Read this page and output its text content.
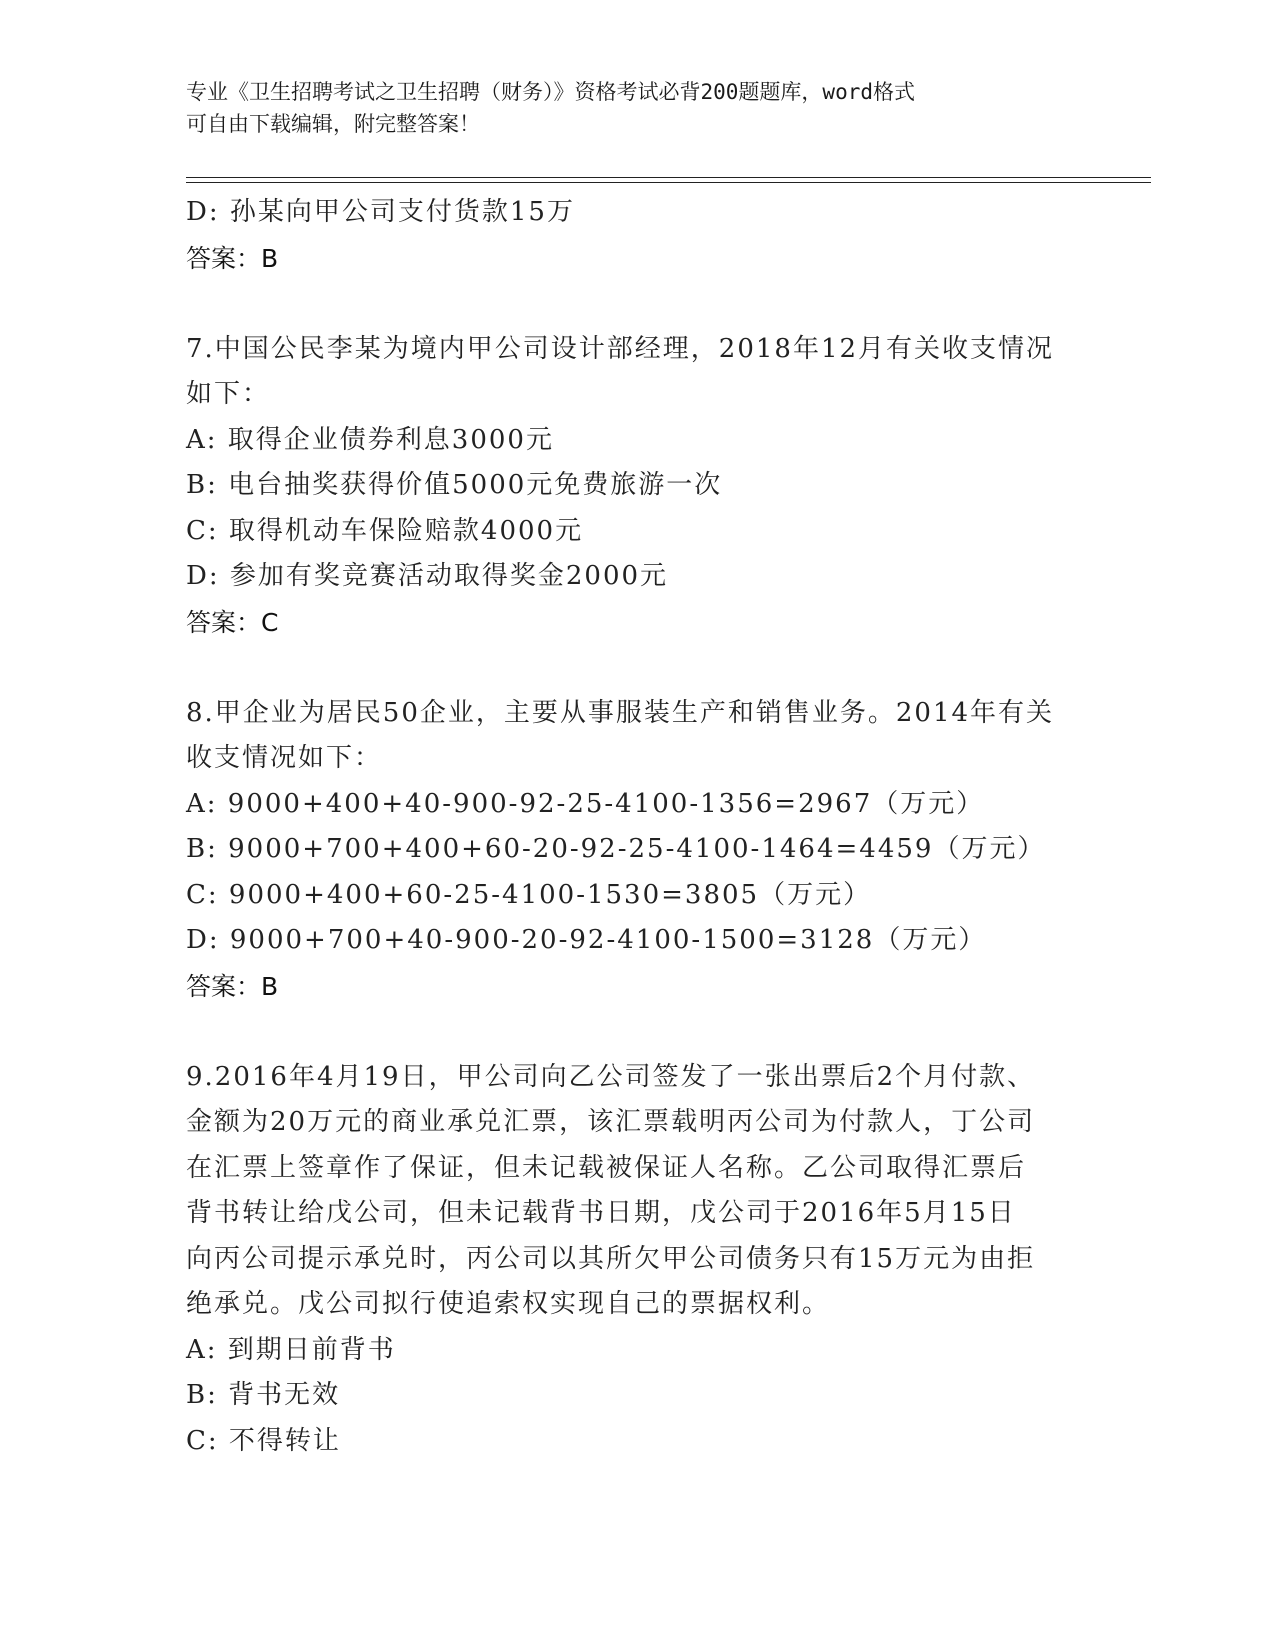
专业《卫生招聘考试之卫生招聘（财务）》资格考试必背200题题库，word格式
可自由下载编辑，附完整答案！
D: 孙某向甲公司支付货款15万
答案：B
7.中国公民李某为境内甲公司设计部经理，2018年12月有关收支情况
如下：
A: 取得企业债券利息3000元
B: 电台抽奖获得价值5000元免费旅游一次
C: 取得机动车保险赔款4000元
D: 参加有奖竞赛活动取得奖金2000元
答案：C
8.甲企业为居民50企业，主要从事服装生产和销售业务。2014年有关
收支情况如下：
A: 9000+400+40-900-92-25-4100-1356=2967（万元）
B: 9000+700+400+60-20-92-25-4100-1464=4459（万元）
C: 9000+400+60-25-4100-1530=3805（万元）
D: 9000+700+40-900-20-92-4100-1500=3128（万元）
答案：B
9.2016年4月19日，甲公司向乙公司签发了一张出票后2个月付款、
金额为20万元的商业承兑汇票，该汇票载明丙公司为付款人，丁公司
在汇票上签章作了保证，但未记载被保证人名称。乙公司取得汇票后
背书转让给戊公司，但未记载背书日期，戊公司于2016年5月15日
向丙公司提示承兑时，丙公司以其所欠甲公司债务只有15万元为由拒
绝承兑。戊公司拟行使追索权实现自己的票据权利。
A: 到期日前背书
B: 背书无效
C: 不得转让
